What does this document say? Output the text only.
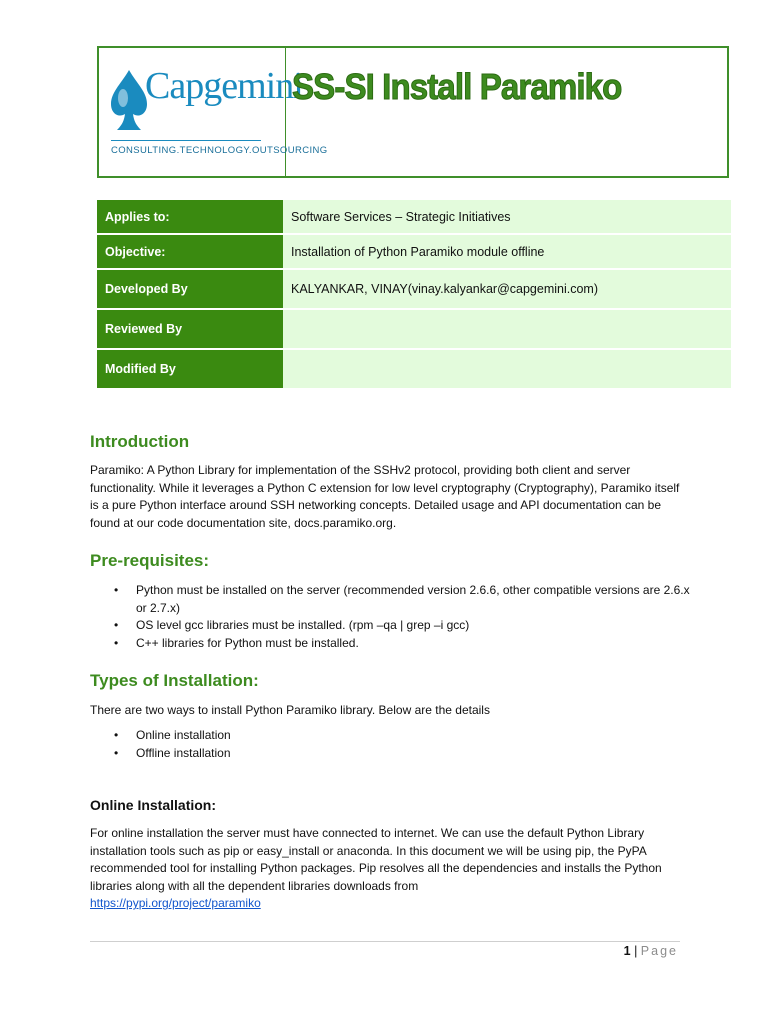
Capgemini
CONSULTING.TECHNOLOGY.OUTSOURCING
SS-SI Install Paramiko
Applies to:	Software Services – Strategic Initiatives
Objective:	Installation of Python Paramiko module offline
Developed By	KALYANKAR, VINAY(vinay.kalyankar@capgemini.com)
Reviewed By	
Modified By	
Introduction

Paramiko: A Python Library for implementation of the SSHv2 protocol, providing both client and server functionality. While it leverages a Python C extension for low level cryptography (Cryptography), Paramiko itself is a pure Python interface around SSH networking concepts. Detailed usage and API documentation can be found at our code documentation site, docs.paramiko.org.

Pre-requisites:
• Python must be installed on the server (recommended version 2.6.6, other compatible versions are 2.6.x or 2.7.x)
• OS level gcc libraries must be installed. (rpm –qa | grep –i gcc)
• C++ libraries for Python must be installed.
Types of Installation:

There are two ways to install Python Paramiko library. Below are the details

• Online installation
• Offline installation
Online Installation:

For online installation the server must have connected to internet. We can use the default Python Library installation tools such as pip or easy_install or anaconda. In this document we will be using pip, the PyPA recommended tool for installing Python packages. Pip resolves all the dependencies and installs the Python libraries along with all the dependent libraries downloads from
https://pypi.org/project/paramiko

1 | Page
